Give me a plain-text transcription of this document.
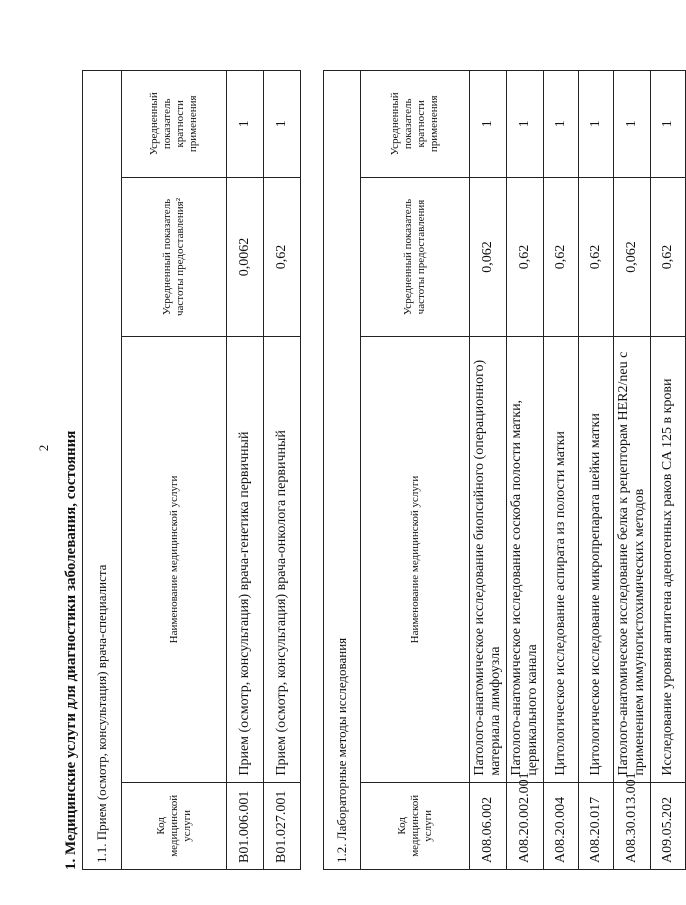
2 1. Медицинские услуги для диагностики заболевания, состояния 1.1. Прием (осмотр, консультация) врача-специалиста			
Код медицинской услуги	Наименование медицинской услуги	Усредненный показатель частоты предоставления²	Усредненный показатель кратности применения
B01.006.001	Прием (осмотр, консультация) врача-генетика первичный	0,0062	1
B01.027.001	Прием (осмотр, консультация) врача-онколога первичный	0,62	1
1.2. Лабораторные методы исследования			
Код медицинской услуги	Наименование медицинской услуги	Усредненный показатель частоты предоставления	Усредненный показатель кратности применения
A08.06.002	Патолого-анатомическое исследование биопсийного (операционного) материала лимфоузла	0,062	1
A08.20.002.001	Патолого-анатомическое исследование соскоба полости матки, цервикального канала	0,62	1
A08.20.004	Цитологическое исследование аспирата из полости матки	0,62	1
A08.20.017	Цитологическое исследование микропрепарата шейки матки	0,62	1
A08.30.013.001	Патолого-анатомическое исследование белка к рецепторам HER2/neu с применением иммуногистохимических методов	0,062	1
A09.05.202	Исследование уровня антигена аденогенных раков CA 125 в крови	0,62	1
